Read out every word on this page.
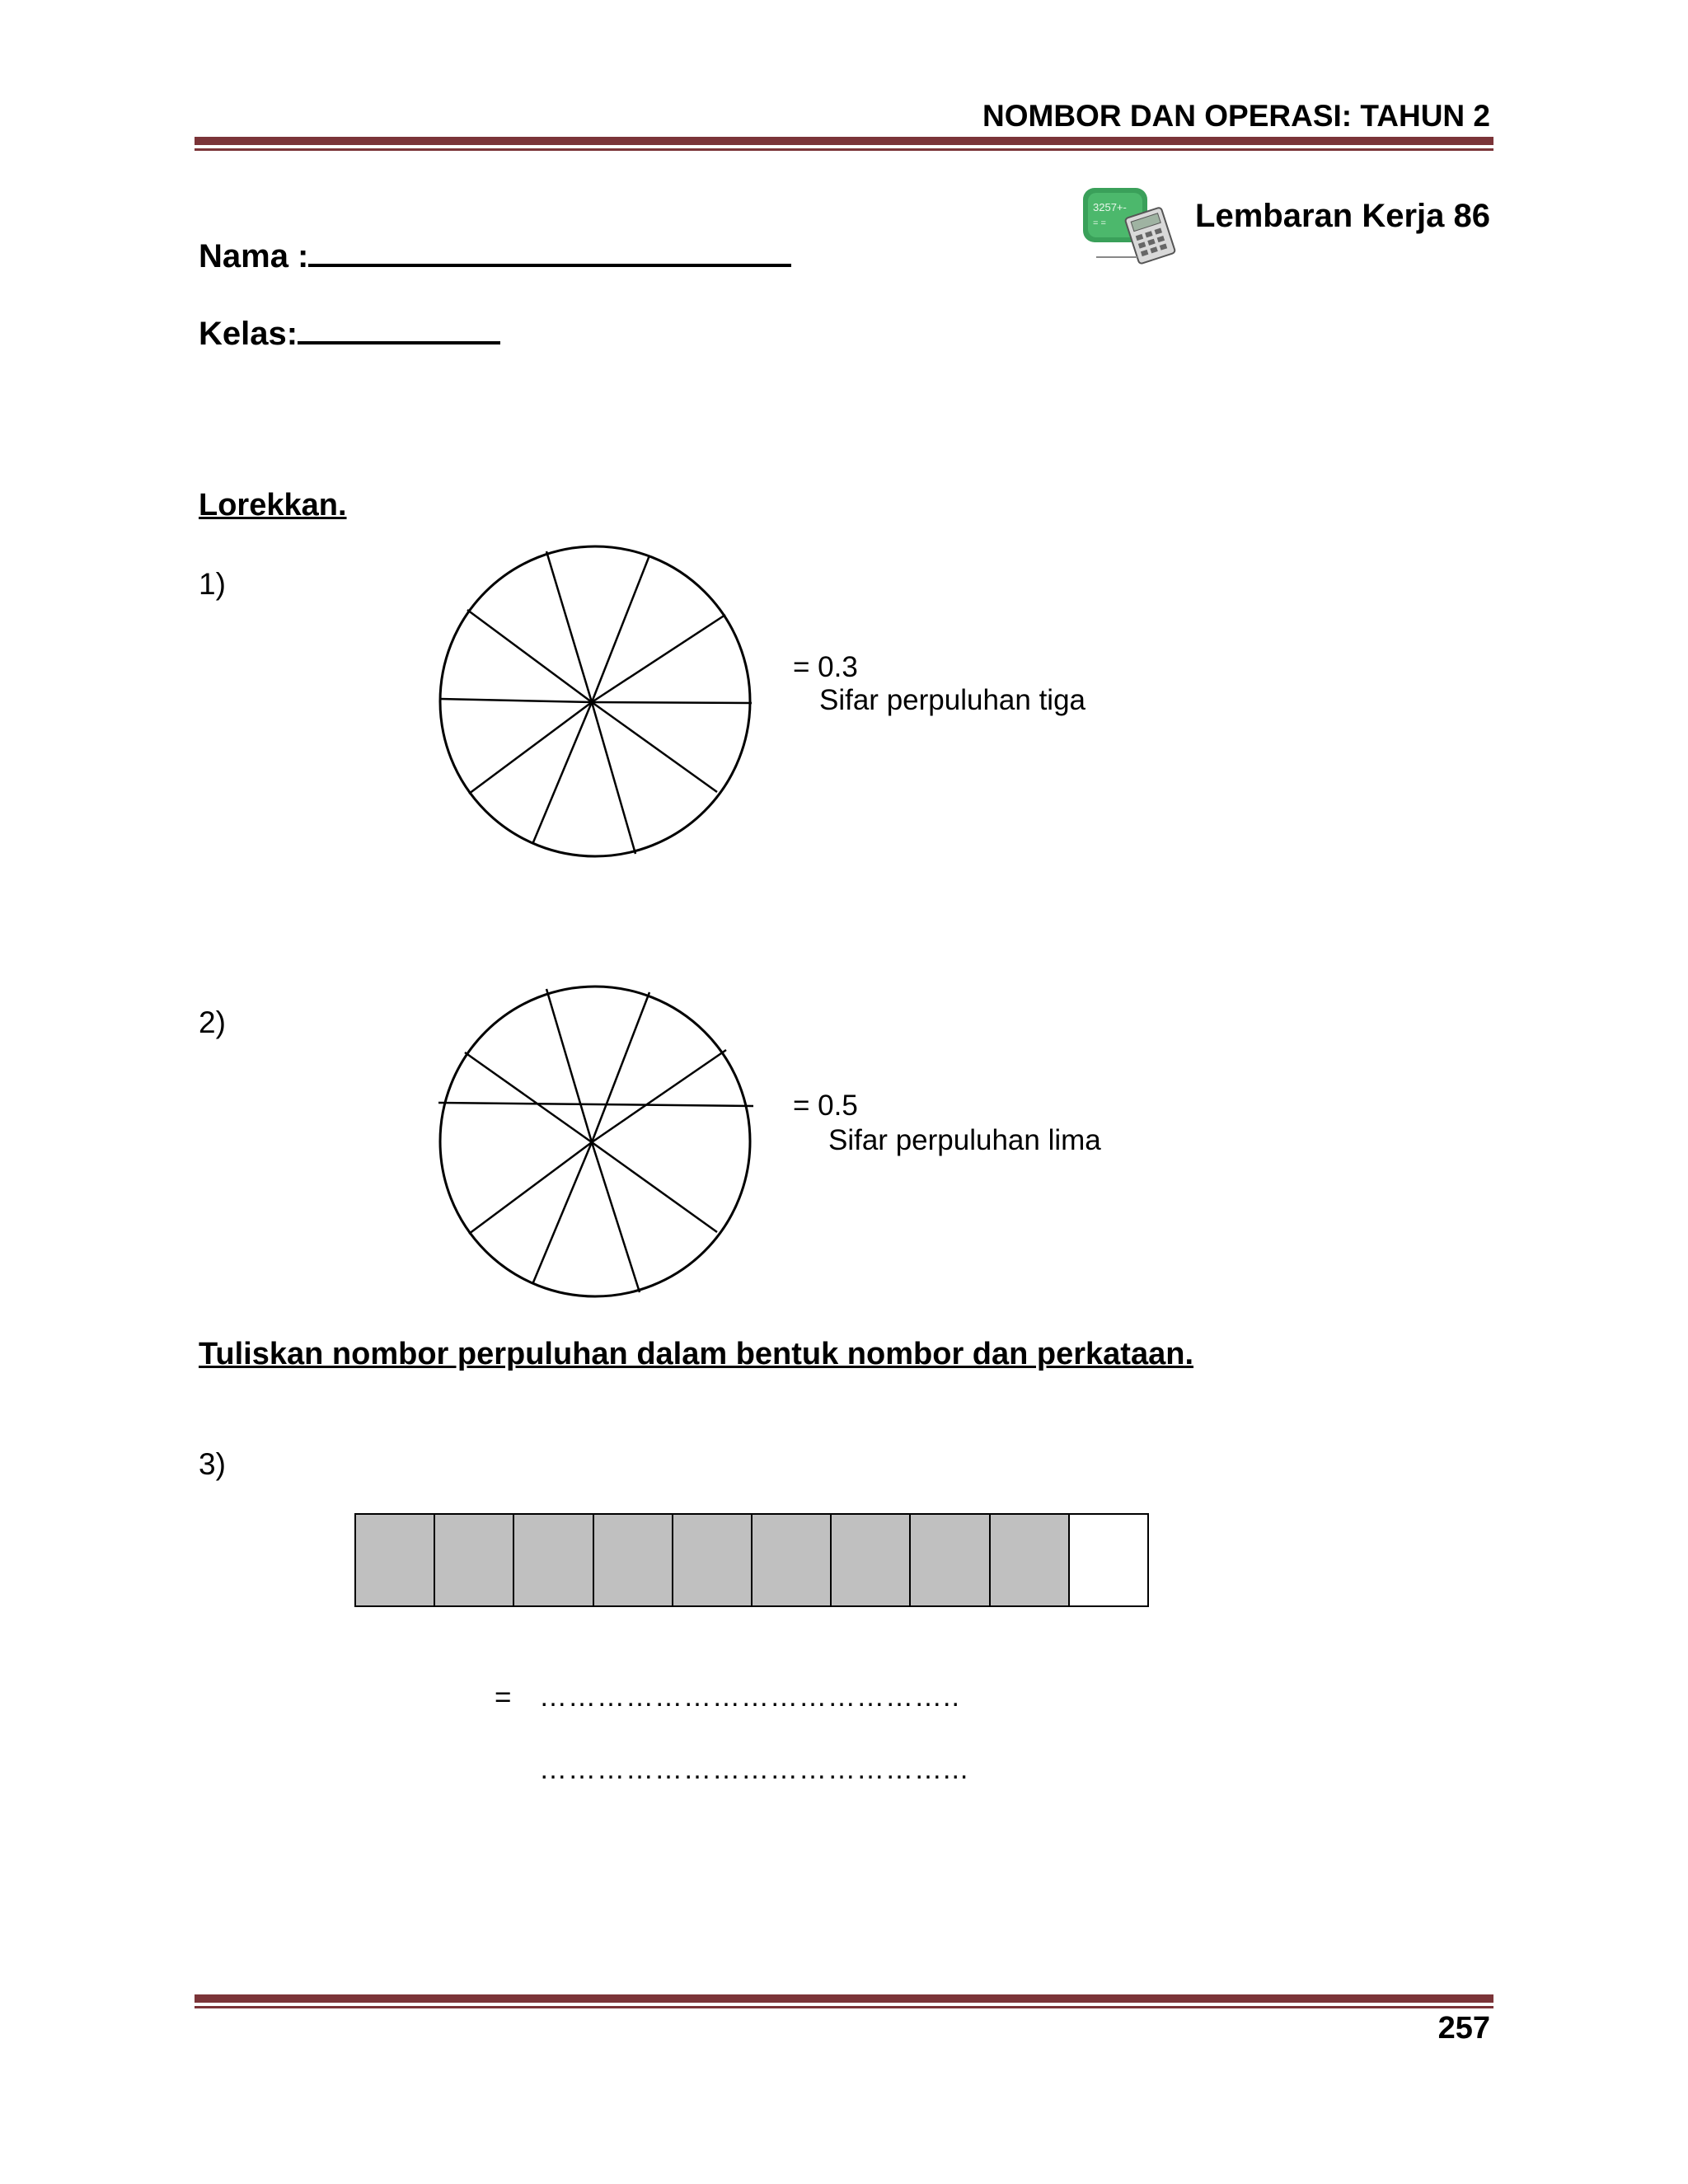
NOMBOR DAN OPERASI: TAHUN 2
3257+-
= =	Lembaran Kerja 86
Nama :
Kelas:
Lorekkan.
1)
= 0.3
Sifar perpuluhan tiga
2)
= 0.5
Sifar perpuluhan lima
Tuliskan nombor perpuluhan dalam bentuk nombor dan perkataan.
3)
= ……………………………………..
……………………………………...
257
